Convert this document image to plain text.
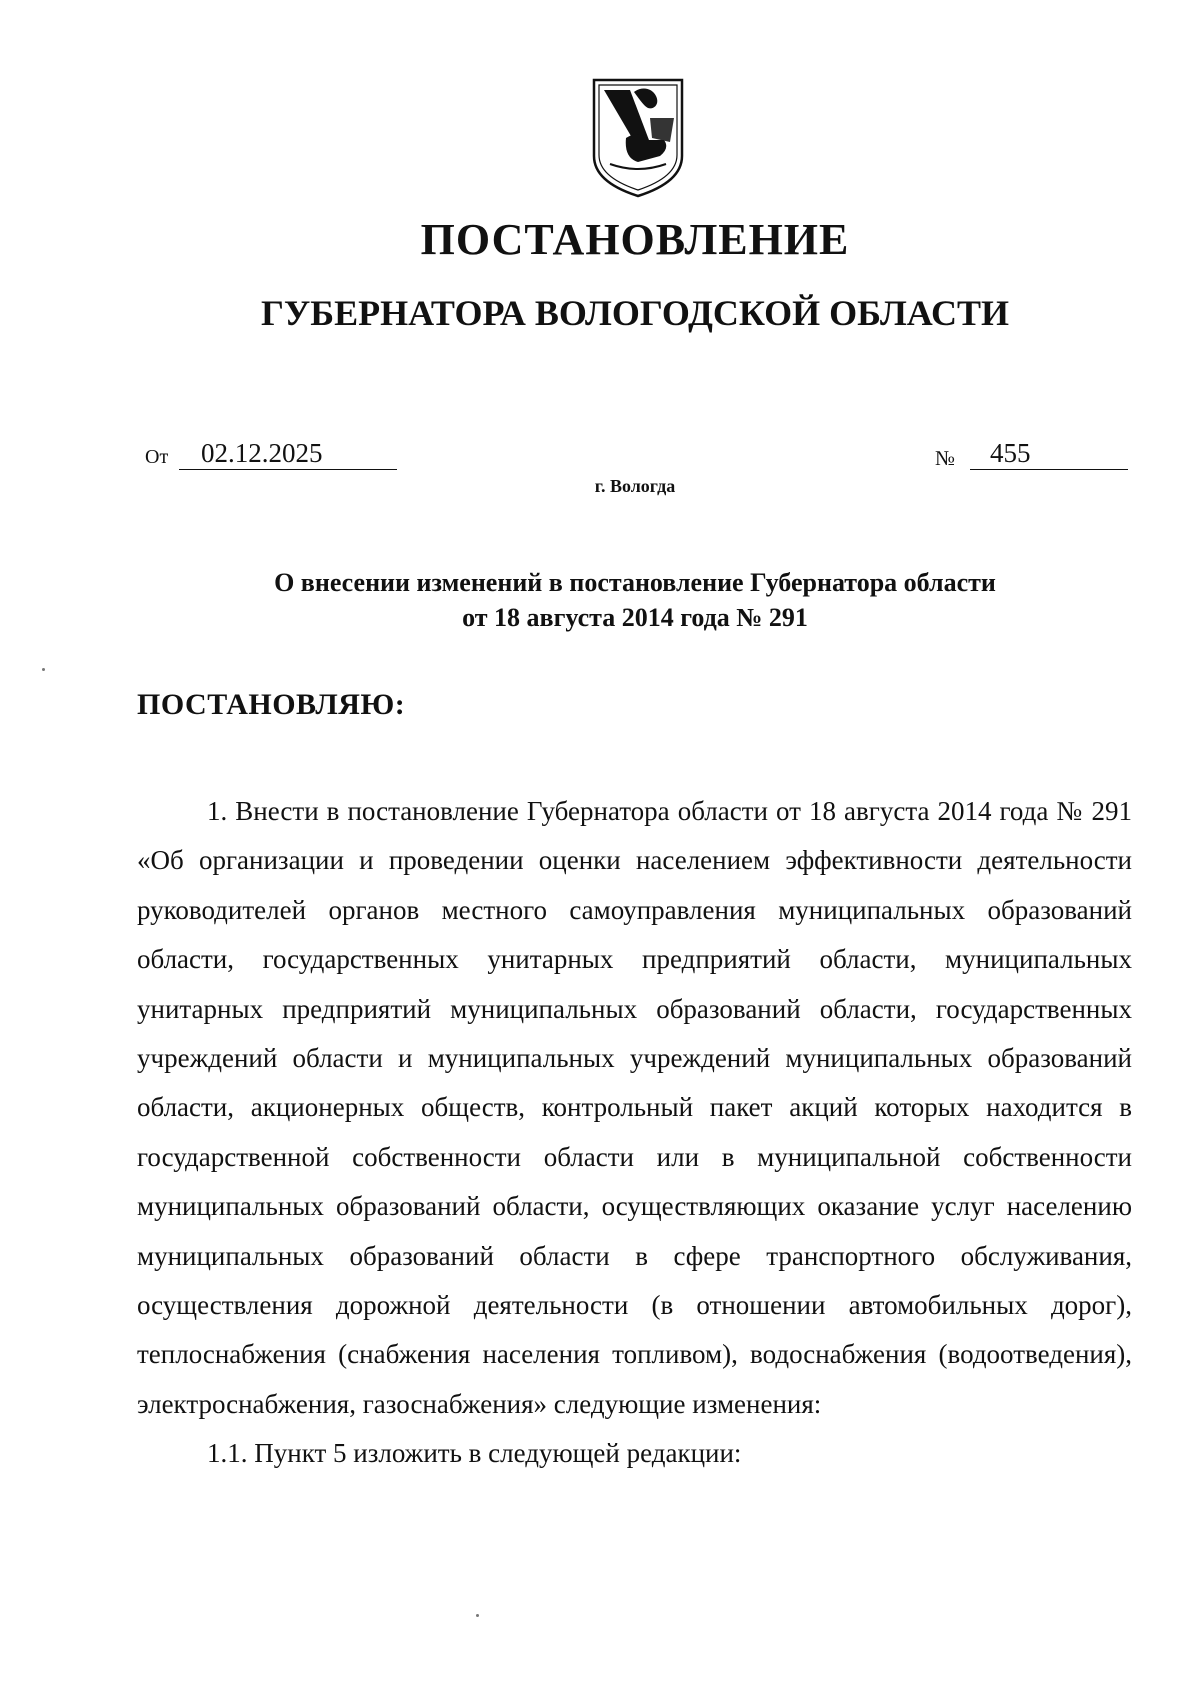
ПОСТАНОВЛЕНИЕ
ГУБЕРНАТОРА ВОЛОГОДСКОЙ ОБЛАСТИ
От	02.12.2025	№	455
г. Вологда
О внесении изменений в постановление Губернатора области
от 18 августа 2014 года № 291
ПОСТАНОВЛЯЮ:

1. Внести в постановление Губернатора области от 18 августа 2014 года № 291 «Об организации и проведении оценки населением эффективности деятельности руководителей органов местного самоуправления муниципальных образований области, государственных унитарных предприятий области, муниципальных унитарных предприятий муниципальных образований области, государственных учреждений области и муниципальных учреждений муниципальных образований области, акционерных обществ, контрольный пакет акций которых находится в государственной собственности области или в муниципальной собственности муниципальных образований области, осуществляющих оказание услуг населению муниципальных образований области в сфере транспортного обслуживания, осуществления дорожной деятельности (в отношении автомобильных дорог), теплоснабжения (снабжения населения топливом), водоснабжения (водоотведения), электроснабжения, газоснабжения» следующие изменения:

1.1. Пункт 5 изложить в следующей редакции:
